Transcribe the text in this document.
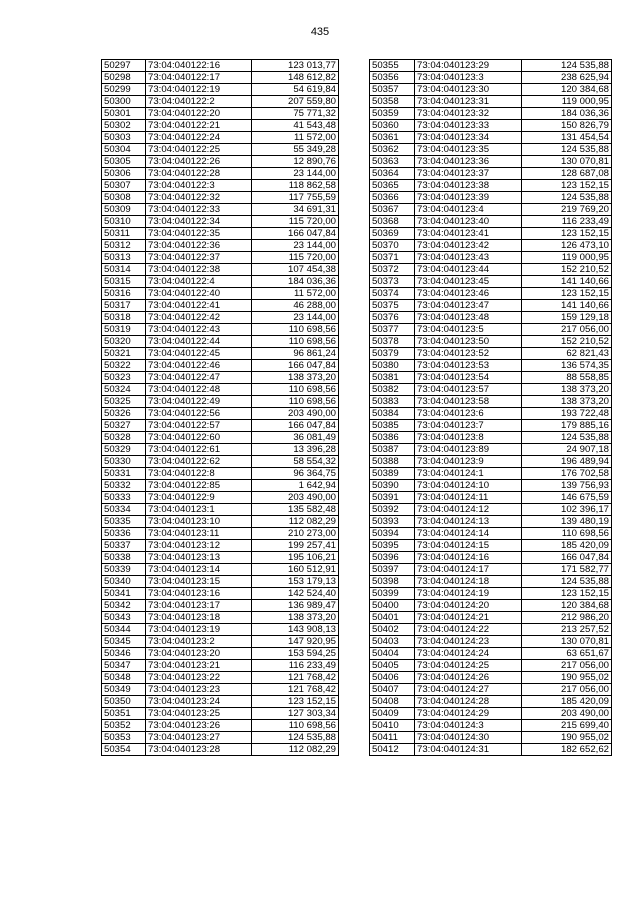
435
50297	73:04:040122:16	123 013,77
50298	73:04:040122:17	148 612,82
50299	73:04:040122:19	54 619,84
50300	73:04:040122:2	207 559,80
50301	73:04:040122:20	75 771,32
50302	73:04:040122:21	41 543,48
50303	73:04:040122:24	11 572,00
50304	73:04:040122:25	55 349,28
50305	73:04:040122:26	12 890,76
50306	73:04:040122:28	23 144,00
50307	73:04:040122:3	118 862,58
50308	73:04:040122:32	117 755,59
50309	73:04:040122:33	34 691,31
50310	73:04:040122:34	115 720,00
50311	73:04:040122:35	166 047,84
50312	73:04:040122:36	23 144,00
50313	73:04:040122:37	115 720,00
50314	73:04:040122:38	107 454,38
50315	73:04:040122:4	184 036,36
50316	73:04:040122:40	11 572,00
50317	73:04:040122:41	46 288,00
50318	73:04:040122:42	23 144,00
50319	73:04:040122:43	110 698,56
50320	73:04:040122:44	110 698,56
50321	73:04:040122:45	96 861,24
50322	73:04:040122:46	166 047,84
50323	73:04:040122:47	138 373,20
50324	73:04:040122:48	110 698,56
50325	73:04:040122:49	110 698,56
50326	73:04:040122:56	203 490,00
50327	73:04:040122:57	166 047,84
50328	73:04:040122:60	36 081,49
50329	73:04:040122:61	13 396,28
50330	73:04:040122:62	58 554,32
50331	73:04:040122:8	96 364,75
50332	73:04:040122:85	1 642,94
50333	73:04:040122:9	203 490,00
50334	73:04:040123:1	135 582,48
50335	73:04:040123:10	112 082,29
50336	73:04:040123:11	210 273,00
50337	73:04:040123:12	199 257,41
50338	73:04:040123:13	195 106,21
50339	73:04:040123:14	160 512,91
50340	73:04:040123:15	153 179,13
50341	73:04:040123:16	142 524,40
50342	73:04:040123:17	136 989,47
50343	73:04:040123:18	138 373,20
50344	73:04:040123:19	143 908,13
50345	73:04:040123:2	147 920,95
50346	73:04:040123:20	153 594,25
50347	73:04:040123:21	116 233,49
50348	73:04:040123:22	121 768,42
50349	73:04:040123:23	121 768,42
50350	73:04:040123:24	123 152,15
50351	73:04:040123:25	127 303,34
50352	73:04:040123:26	110 698,56
50353	73:04:040123:27	124 535,88
50354	73:04:040123:28	112 082,29
50355	73:04:040123:29	124 535,88
50356	73:04:040123:3	238 625,94
50357	73:04:040123:30	120 384,68
50358	73:04:040123:31	119 000,95
50359	73:04:040123:32	184 036,36
50360	73:04:040123:33	150 826,79
50361	73:04:040123:34	131 454,54
50362	73:04:040123:35	124 535,88
50363	73:04:040123:36	130 070,81
50364	73:04:040123:37	128 687,08
50365	73:04:040123:38	123 152,15
50366	73:04:040123:39	124 535,88
50367	73:04:040123:4	219 769,20
50368	73:04:040123:40	116 233,49
50369	73:04:040123:41	123 152,15
50370	73:04:040123:42	126 473,10
50371	73:04:040123:43	119 000,95
50372	73:04:040123:44	152 210,52
50373	73:04:040123:45	141 140,66
50374	73:04:040123:46	123 152,15
50375	73:04:040123:47	141 140,66
50376	73:04:040123:48	159 129,18
50377	73:04:040123:5	217 056,00
50378	73:04:040123:50	152 210,52
50379	73:04:040123:52	62 821,43
50380	73:04:040123:53	136 574,35
50381	73:04:040123:54	88 558,85
50382	73:04:040123:57	138 373,20
50383	73:04:040123:58	138 373,20
50384	73:04:040123:6	193 722,48
50385	73:04:040123:7	179 885,16
50386	73:04:040123:8	124 535,88
50387	73:04:040123:89	24 907,18
50388	73:04:040123:9	196 489,94
50389	73:04:040124:1	176 702,58
50390	73:04:040124:10	139 756,93
50391	73:04:040124:11	146 675,59
50392	73:04:040124:12	102 396,17
50393	73:04:040124:13	139 480,19
50394	73:04:040124:14	110 698,56
50395	73:04:040124:15	185 420,09
50396	73:04:040124:16	166 047,84
50397	73:04:040124:17	171 582,77
50398	73:04:040124:18	124 535,88
50399	73:04:040124:19	123 152,15
50400	73:04:040124:20	120 384,68
50401	73:04:040124:21	212 986,20
50402	73:04:040124:22	213 257,52
50403	73:04:040124:23	130 070,81
50404	73:04:040124:24	63 651,67
50405	73:04:040124:25	217 056,00
50406	73:04:040124:26	190 955,02
50407	73:04:040124:27	217 056,00
50408	73:04:040124:28	185 420,09
50409	73:04:040124:29	203 490,00
50410	73:04:040124:3	215 699,40
50411	73:04:040124:30	190 955,02
50412	73:04:040124:31	182 652,62
